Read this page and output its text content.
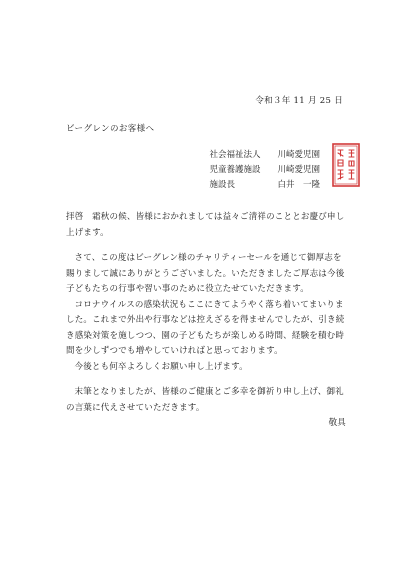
令和３年 11 月 25 日
ビーグレンのお客様へ
社会福祉法人	川崎愛児園
児童養護施設	川崎愛児園
施設長	白井　一隆

拝啓　霜秋の候、皆様におかれましては益々ご清祥のこととお慶び申し上げます。

さて、この度はビーグレン様のチャリティーセールを通じて御厚志を賜りまして誠にありがとうございました。いただきましたご厚志は今後子どもたちの行事や習い事のために役立たせていただきます。

コロナウイルスの感染状況もここにきてようやく落ち着いてまいりました。これまで外出や行事などは控えざるを得ませんでしたが、引き続き感染対策を施しつつ、園の子どもたちが楽しめる時間、経験を積む時間を少しずつでも増やしていければと思っております。

今後とも何卒よろしくお願い申し上げます。

末筆となりましたが、皆様のご健康とご多幸を御祈り申し上げ、御礼の言葉に代えさせていただきます。

敬具
